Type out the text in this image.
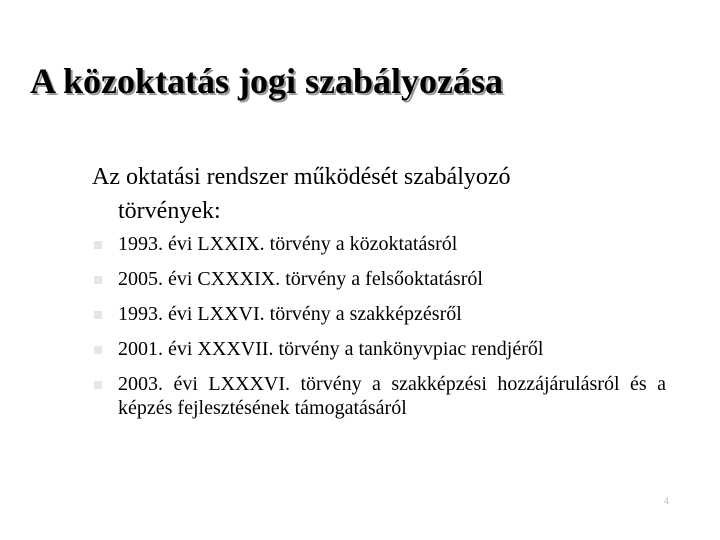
A közoktatás jogi szabályozása
Az oktatási rendszer működését szabályozó
törvények:
1993. évi LXXIX. törvény a közoktatásról
2005. évi CXXXIX. törvény a felsőoktatásról
1993. évi LXXVI. törvény a szakképzésről
2001. évi XXXVII. törvény a tankönyvpiac rendjéről
2003. évi LXXXVI. törvény a szakképzési hozzájárulásról és a képzés fejlesztésének támogatásáról
4
